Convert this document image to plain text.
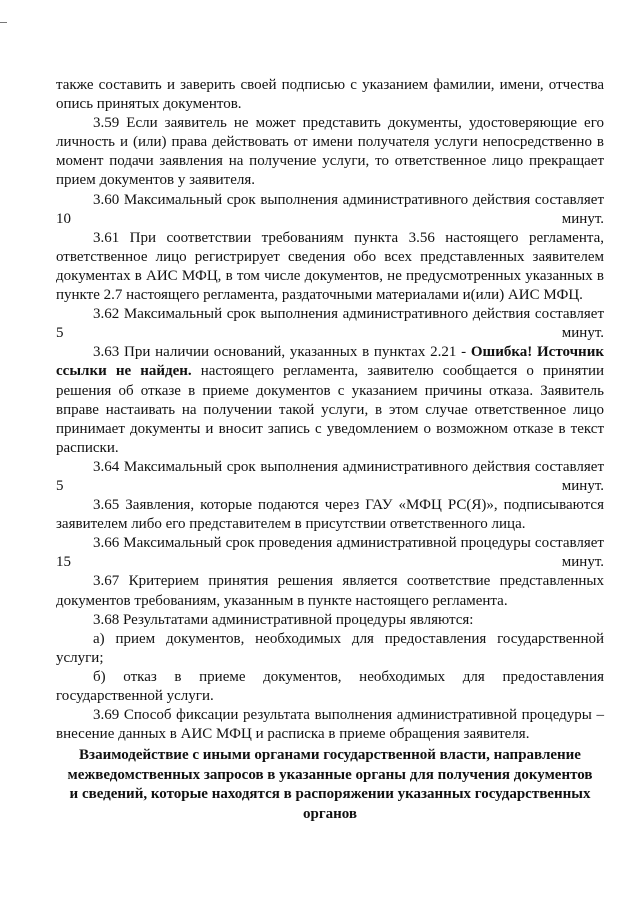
также составить и заверить своей подписью с указанием фамилии, имени, отчества опись принятых документов.

3.59 Если заявитель не может представить документы, удостоверяющие его личность и (или) права действовать от имени получателя услуги непосредственно в момент подачи заявления на получение услуги, то ответственное лицо прекращает прием документов у заявителя.

3.60 Максимальный срок выполнения административного действия составляет 10 минут.

3.61 При соответствии требованиям пункта 3.56 настоящего регламента, ответственное лицо регистрирует сведения обо всех представленных заявителем документах в АИС МФЦ, в том числе документов, не предусмотренных указанных в пункте 2.7 настоящего регламента, раздаточными материалами и(или) АИС МФЦ.

3.62 Максимальный срок выполнения административного действия составляет 5 минут.

3.63 При наличии оснований, указанных в пунктах 2.21 - Ошибка! Источник ссылки не найден. настоящего регламента, заявителю сообщается о принятии решения об отказе в приеме документов с указанием причины отказа. Заявитель вправе настаивать на получении такой услуги, в этом случае ответственное лицо принимает документы и вносит запись с уведомлением о возможном отказе в текст расписки.

3.64 Максимальный срок выполнения административного действия составляет 5 минут.

3.65 Заявления, которые подаются через ГАУ «МФЦ РС(Я)», подписываются заявителем либо его представителем в присутствии ответственного лица.

3.66 Максимальный срок проведения административной процедуры составляет 15 минут.

3.67 Критерием принятия решения является соответствие представленных документов требованиям, указанным в пункте настоящего регламента.

3.68 Результатами административной процедуры являются:

а) прием документов, необходимых для предоставления государственной услуги;

б) отказ в приеме документов, необходимых для предоставления государственной услуги.

3.69 Способ фиксации результата выполнения административной процедуры – внесение данных в АИС МФЦ и расписка в приеме обращения заявителя.

Взаимодействие с иными органами государственной власти, направление межведомственных запросов в указанные органы для получения документов и сведений, которые находятся в распоряжении указанных государственных органов
